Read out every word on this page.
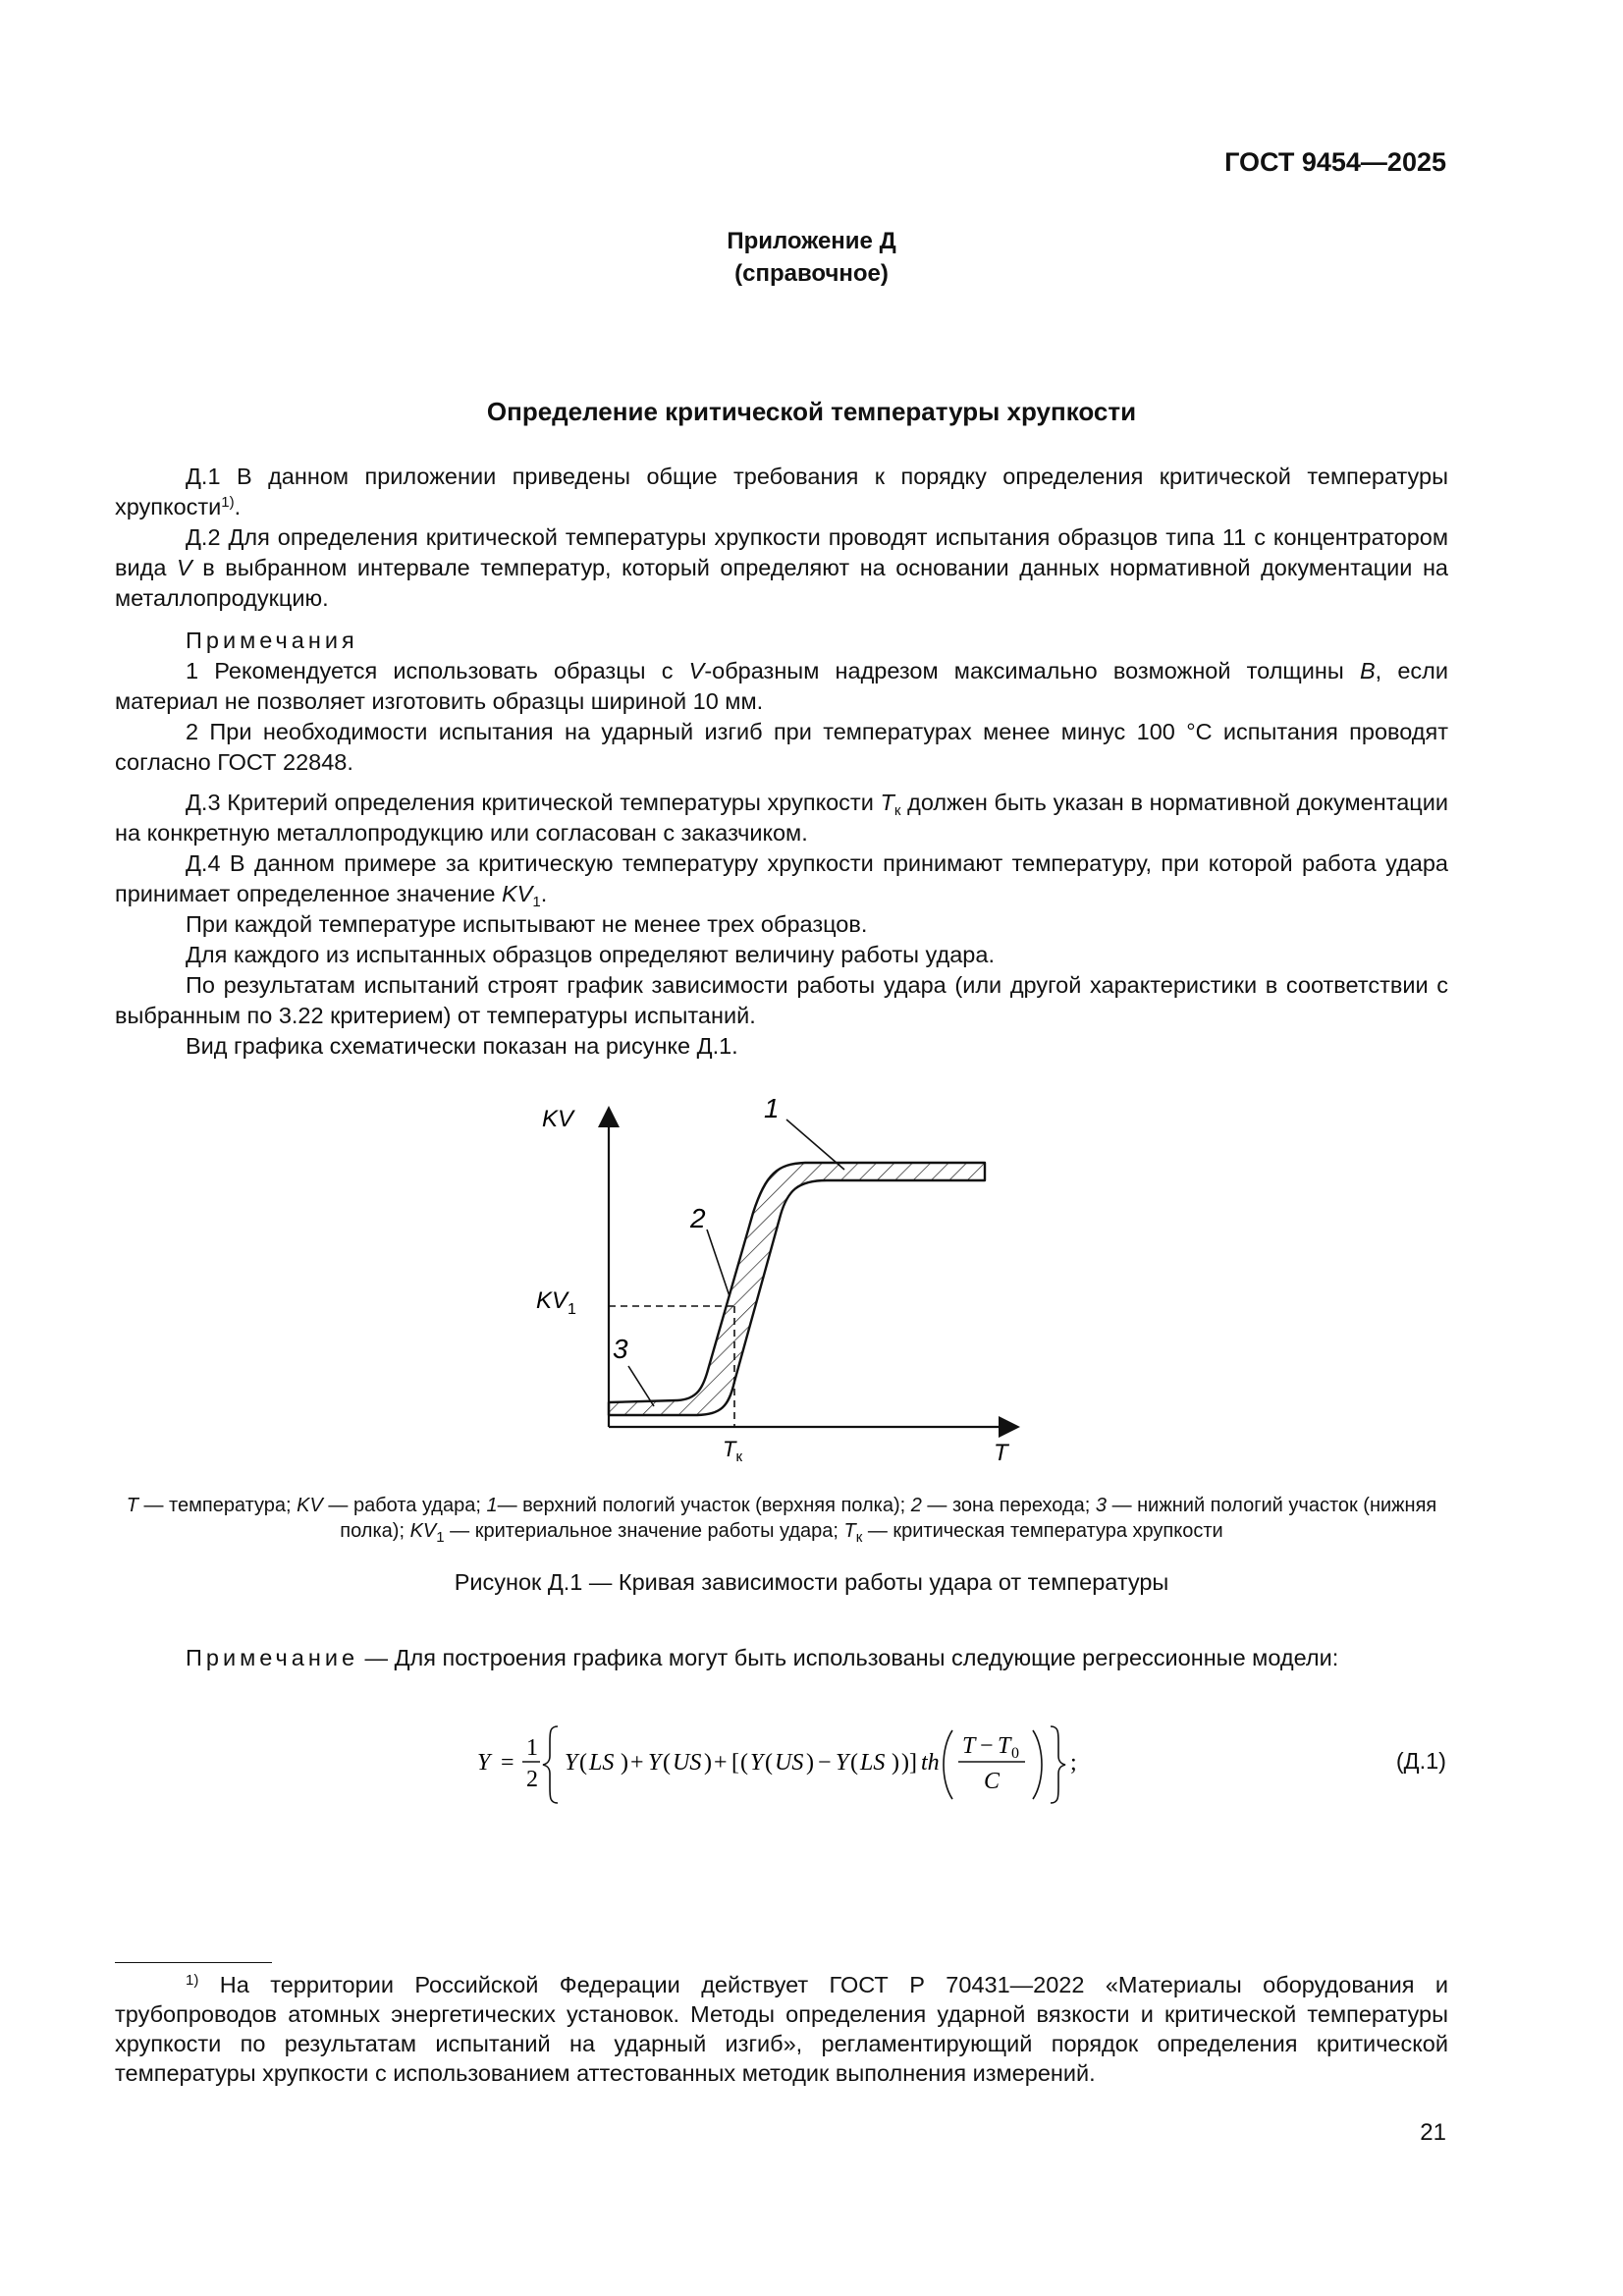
ГОСТ 9454—2025
Приложение Д
(справочное)
Определение критической температуры хрупкости

Д.1 В данном приложении приведены общие требования к порядку определения критической температуры хрупкости$^{1)}$.

Д.2 Для определения критической температуры хрупкости проводят испытания образцов типа 11 с концентратором вида V в выбранном интервале температур, который определяют на основании данных нормативной документации на металлопродукцию.

Примечания

1 Рекомендуется использовать образцы с V-образным надрезом максимально возможной толщины B, если материал не позволяет изготовить образцы шириной 10 мм.

2 При необходимости испытания на ударный изгиб при температурах менее минус 100 °C испытания проводят согласно ГОСТ 22848.

Д.3 Критерий определения критической температуры хрупкости $T_к$ должен быть указан в нормативной документации на конкретную металлопродукцию или согласован с заказчиком.

Д.4 В данном примере за критическую температуру хрупкости принимают температуру, при которой работа удара принимает определенное значение $KV_1$.

При каждой температуре испытывают не менее трех образцов.

Для каждого из испытанных образцов определяют величину работы удара.

По результатам испытаний строят график зависимости работы удара (или другой характеристики в соответствии с выбранным по 3.22 критерием) от температуры испытаний.

Вид графика схематически показан на рисунке Д.1.

KV
T
$KV_1$
$T_к$
1
2
3
T — температура; KV — работа удара; 1— верхний пологий участок (верхняя полка); 2 — зона перехода; 3 — нижний пологий участок (нижняя полка); $KV_1$ — критериальное значение работы удара; $T_к$ — критическая температура хрупкости
Рисунок Д.1 — Кривая зависимости работы удара от температуры
Примечание — Для построения графика могут быть использованы следующие регрессионные модели:
Y =
1
2
Y ( LS ) + Y ( US ) + [ ( Y ( US ) − Y ( LS ) ) ] th
T − T 0
C
;	(Д.1)
$^{1)}$ На территории Российской Федерации действует ГОСТ Р 70431—2022 «Материалы оборудования и трубопроводов атомных энергетических установок. Методы определения ударной вязкости и критической температуры хрупкости по результатам испытаний на ударный изгиб», регламентирующий порядок определения критической температуры хрупкости с использованием аттестованных методик выполнения измерений.
21
